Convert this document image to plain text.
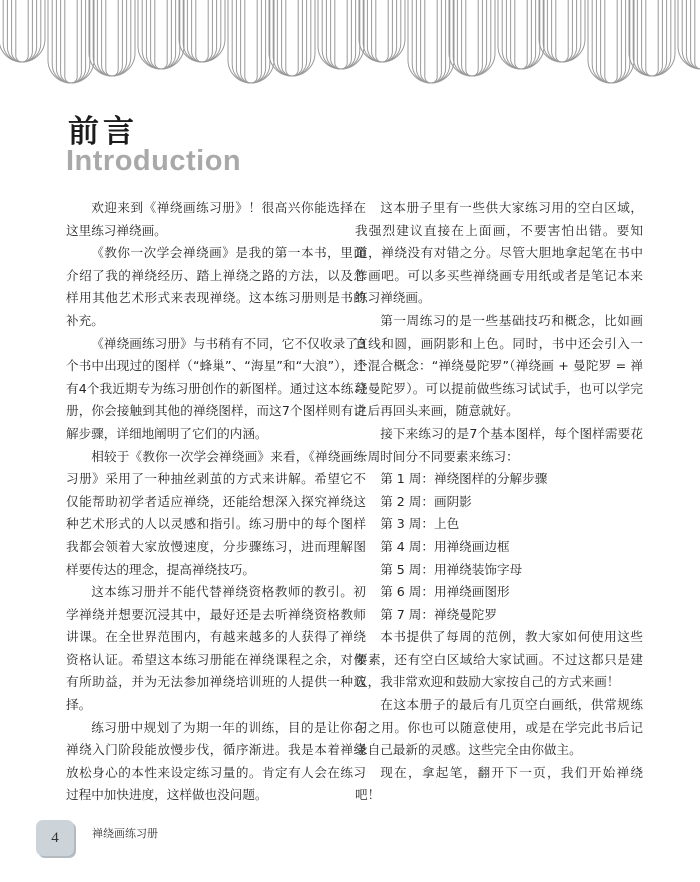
前言
Introduction

欢迎来到《禅绕画练习册》！很高兴你能选择在这里练习禅绕画。

《教你一次学会禅绕画》是我的第一本书，里面介绍了我的禅绕经历、踏上禅绕之路的方法，以及怎样用其他艺术形式来表现禅绕。这本练习册则是书的补充。

《禅绕画练习册》与书稍有不同，它不仅收录了3个书中出现过的图样（“蜂巢”、“海星”和“大浪”），还有4个我近期专为练习册创作的新图样。通过这本练习册，你会接触到其他的禅绕图样，而这7个图样则有讲解步骤，详细地阐明了它们的内涵。

相较于《教你一次学会禅绕画》来看，《禅绕画练习册》采用了一种抽丝剥茧的方式来讲解。希望它不仅能帮助初学者适应禅绕，还能给想深入探究禅绕这种艺术形式的人以灵感和指引。练习册中的每个图样我都会领着大家放慢速度，分步骤练习，进而理解图样要传达的理念，提高禅绕技巧。

这本练习册并不能代替禅绕资格教师的教引。初学禅绕并想要沉浸其中，最好还是去听禅绕资格教师讲课。在全世界范围内，有越来越多的人获得了禅绕资格认证。希望这本练习册能在禅绕课程之余，对你有所助益，并为无法参加禅绕培训班的人提供一种选择。

练习册中规划了为期一年的训练，目的是让你在禅绕入门阶段能放慢步伐，循序渐进。我是本着禅绕放松身心的本性来设定练习量的。肯定有人会在练习过程中加快进度，这样做也没问题。

这本册子里有一些供大家练习用的空白区域，我强烈建议直接在上面画，不要害怕出错。要知道，禅绕没有对错之分。尽管大胆地拿起笔在书中作画吧。可以多买些禅绕画专用纸或者是笔记本来练习禅绕画。

第一周练习的是一些基础技巧和概念，比如画直线和圆，画阴影和上色。同时，书中还会引入一个混合概念：“禅绕曼陀罗”（禅绕画 + 曼陀罗 = 禅绕曼陀罗）。可以提前做些练习试试手，也可以学完之后再回头来画，随意就好。

接下来练习的是7个基本图样，每个图样需要花一周时间分不同要素来练习：

第 1 周：禅绕图样的分解步骤
第 2 周：画阴影
第 3 周：上色
第 4 周：用禅绕画边框
第 5 周：用禅绕装饰字母
第 6 周：用禅绕画图形
第 7 周：禅绕曼陀罗

本书提供了每周的范例，教大家如何使用这些要素，还有空白区域给大家试画。不过这都只是建议，我非常欢迎和鼓励大家按自己的方式来画！

在这本册子的最后有几页空白画纸，供常规练习之用。你也可以随意使用，或是在学完此书后记录自己最新的灵感。这些完全由你做主。

现在，拿起笔，翻开下一页，我们开始禅绕吧！

4	禅绕画练习册
